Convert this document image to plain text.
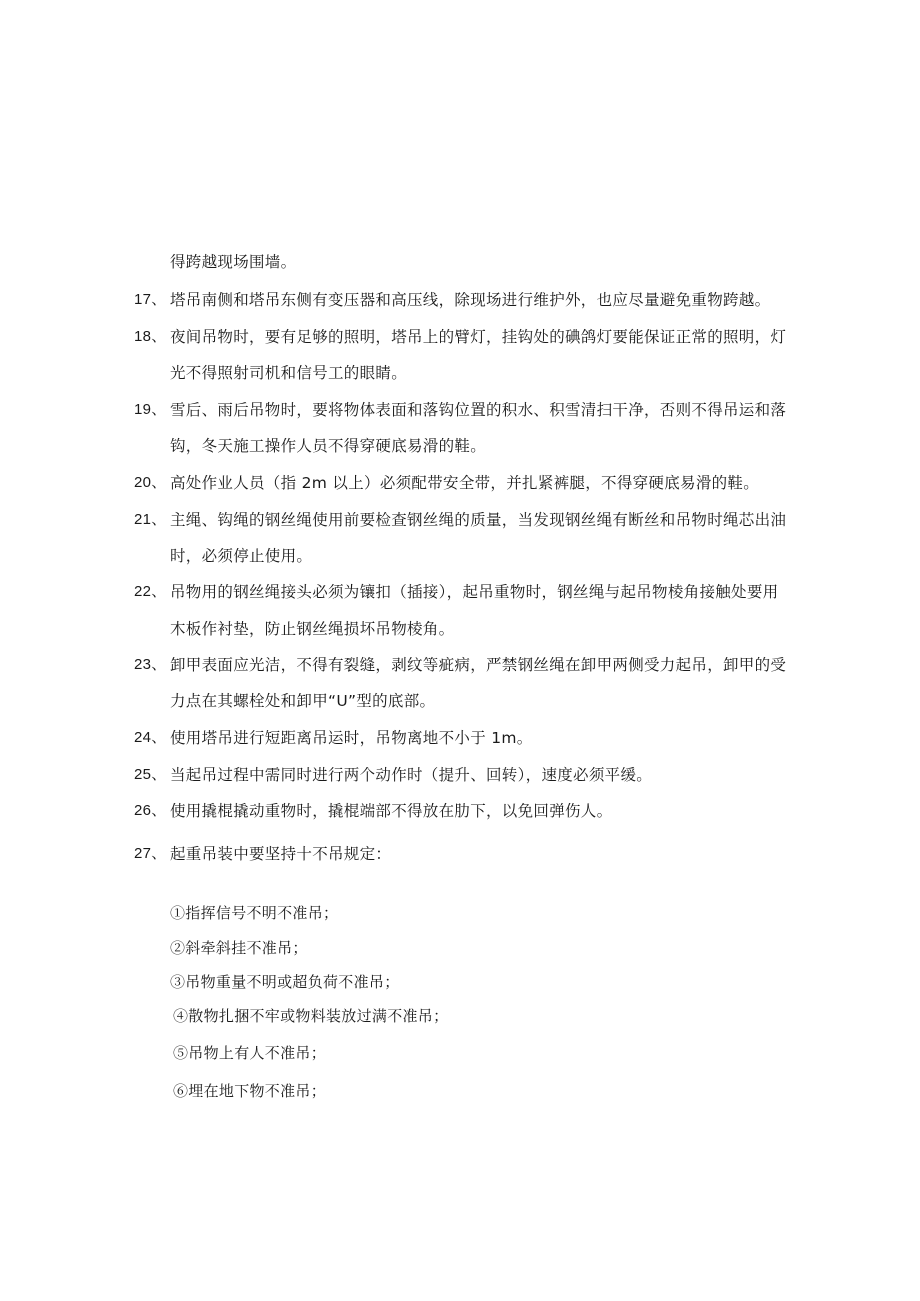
得跨越现场围墙。
17、 塔吊南侧和塔吊东侧有变压器和高压线，除现场进行维护外，也应尽量避免重物跨越。
18、 夜间吊物时，要有足够的照明，塔吊上的臂灯，挂钩处的碘鸽灯要能保证正常的照明，灯
光不得照射司机和信号工的眼睛。
19、 雪后、雨后吊物时，要将物体表面和落钩位置的积水、积雪清扫干净，否则不得吊运和落
钩，冬天施工操作人员不得穿硬底易滑的鞋。
20、 高处作业人员（指 2m 以上）必须配带安全带，并扎紧裤腿，不得穿硬底易滑的鞋。
21、 主绳、钩绳的钢丝绳使用前要检查钢丝绳的质量，当发现钢丝绳有断丝和吊物时绳芯出油
时，必须停止使用。
22、 吊物用的钢丝绳接头必须为镶扣（插接），起吊重物时，钢丝绳与起吊物棱角接触处要用
木板作衬垫，防止钢丝绳损坏吊物棱角。
23、 卸甲表面应光洁，不得有裂缝，剥纹等疵病，严禁钢丝绳在卸甲两侧受力起吊，卸甲的受
力点在其螺栓处和卸甲“U”型的底部。
24、 使用塔吊进行短距离吊运时，吊物离地不小于 1m。
25、 当起吊过程中需同时进行两个动作时（提升、回转），速度必须平缓。
26、 使用撬棍撬动重物时，撬棍端部不得放在肋下，以免回弹伤人。
27、 起重吊装中要坚持十不吊规定：
①指挥信号不明不准吊；
②斜牵斜挂不准吊；
③吊物重量不明或超负荷不准吊；
④散物扎捆不牢或物料装放过满不准吊；
⑤吊物上有人不准吊；
⑥埋在地下物不准吊；
